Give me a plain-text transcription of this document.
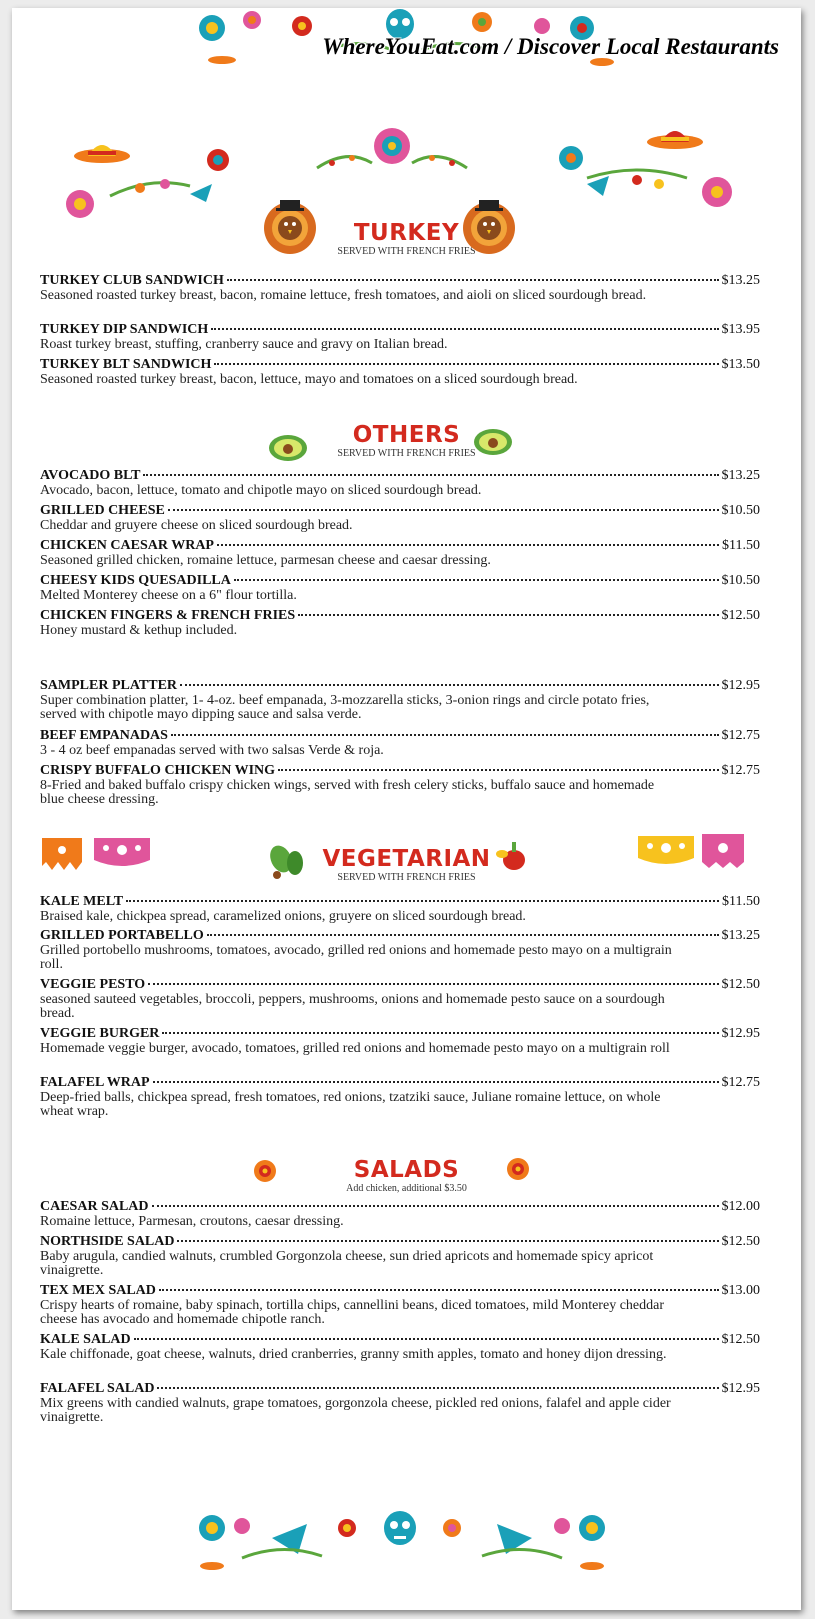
WhereYouEat.com / Discover Local Restaurants
TURKEY
SERVED WITH FRENCH FRIES
TURKEY CLUB SANDWICH	$13.25
Seasoned roasted turkey breast, bacon, romaine lettuce, fresh tomatoes, and aioli on sliced sourdough bread.
TURKEY DIP SANDWICH	$13.95
Roast turkey breast, stuffing, cranberry sauce and gravy on Italian bread.
TURKEY BLT SANDWICH	$13.50
Seasoned roasted turkey breast, bacon, lettuce, mayo and tomatoes on a sliced sourdough bread.
OTHERS
SERVED WITH FRENCH FRIES
AVOCADO BLT	$13.25
Avocado, bacon, lettuce, tomato and chipotle mayo on sliced sourdough bread.
GRILLED CHEESE	$10.50
Cheddar and gruyere cheese on sliced sourdough bread.
CHICKEN CAESAR WRAP	$11.50
Seasoned grilled chicken, romaine lettuce, parmesan cheese and caesar dressing.
CHEESY KIDS QUESADILLA	$10.50
Melted Monterey cheese on a 6" flour tortilla.
CHICKEN FINGERS & FRENCH FRIES	$12.50
Honey mustard & kethup included.
SAMPLER PLATTER	$12.95
Super combination platter, 1- 4-oz. beef empanada, 3-mozzarella sticks, 3-onion rings and circle potato fries, served with chipotle mayo dipping sauce and salsa verde.
BEEF EMPANADAS	$12.75
3 - 4 oz beef empanadas served with two salsas Verde & roja.
CRISPY BUFFALO CHICKEN WING	$12.75
8-Fried and baked buffalo crispy chicken wings, served with fresh celery sticks, buffalo sauce and homemade blue cheese dressing.
VEGETARIAN
SERVED WITH FRENCH FRIES
KALE MELT	$11.50
Braised kale, chickpea spread, caramelized onions, gruyere on sliced sourdough bread.
GRILLED PORTABELLO	$13.25
Grilled portobello mushrooms, tomatoes, avocado, grilled red onions and homemade pesto mayo on a multigrain roll.
VEGGIE PESTO	$12.50
seasoned sauteed vegetables, broccoli, peppers, mushrooms, onions and homemade pesto sauce on a sourdough bread.
VEGGIE BURGER	$12.95
Homemade veggie burger, avocado, tomatoes, grilled red onions and homemade pesto mayo on a multigrain roll
FALAFEL WRAP	$12.75
Deep-fried balls, chickpea spread, fresh tomatoes, red onions, tzatziki sauce, Juliane romaine lettuce, on whole wheat wrap.
SALADS
Add chicken, additional $3.50
CAESAR SALAD	$12.00
Romaine lettuce, Parmesan, croutons, caesar dressing.
NORTHSIDE SALAD	$12.50
Baby arugula, candied walnuts, crumbled Gorgonzola cheese, sun dried apricots and homemade spicy apricot vinaigrette.
TEX MEX SALAD	$13.00
Crispy hearts of romaine, baby spinach, tortilla chips, cannellini beans, diced tomatoes, mild Monterey cheddar cheese has avocado and homemade chipotle ranch.
KALE SALAD	$12.50
Kale chiffonade, goat cheese, walnuts, dried cranberries, granny smith apples, tomato and honey dijon dressing.
FALAFEL SALAD	$12.95
Mix greens with candied walnuts, grape tomatoes, gorgonzola cheese, pickled red onions, falafel and apple cider vinaigrette.
